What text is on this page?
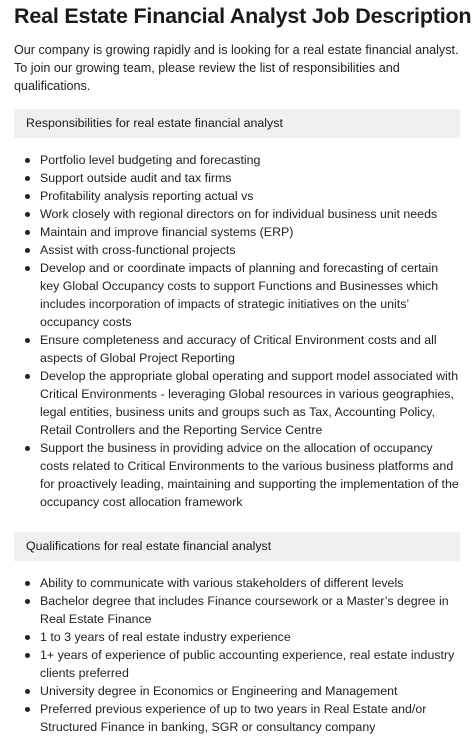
Real Estate Financial Analyst Job Description

Our company is growing rapidly and is looking for a real estate financial analyst. To join our growing team, please review the list of responsibilities and qualifications.

Responsibilities for real estate financial analyst
Portfolio level budgeting and forecasting
Support outside audit and tax firms
Profitability analysis reporting actual vs
Work closely with regional directors on for individual business unit needs
Maintain and improve financial systems (ERP)
Assist with cross-functional projects
Develop and or coordinate impacts of planning and forecasting of certain key Global Occupancy costs to support Functions and Businesses which includes incorporation of impacts of strategic initiatives on the units’ occupancy costs
Ensure completeness and accuracy of Critical Environment costs and all aspects of Global Project Reporting
Develop the appropriate global operating and support model associated with Critical Environments - leveraging Global resources in various geographies, legal entities, business units and groups such as Tax, Accounting Policy, Retail Controllers and the Reporting Service Centre
Support the business in providing advice on the allocation of occupancy costs related to Critical Environments to the various business platforms and for proactively leading, maintaining and supporting the implementation of the occupancy cost allocation framework
Qualifications for real estate financial analyst
Ability to communicate with various stakeholders of different levels
Bachelor degree that includes Finance coursework or a Master’s degree in Real Estate Finance
1 to 3 years of real estate industry experience
1+ years of experience of public accounting experience, real estate industry clients preferred
University degree in Economics or Engineering and Management
Preferred previous experience of up to two years in Real Estate and/or Structured Finance in banking, SGR or consultancy company
